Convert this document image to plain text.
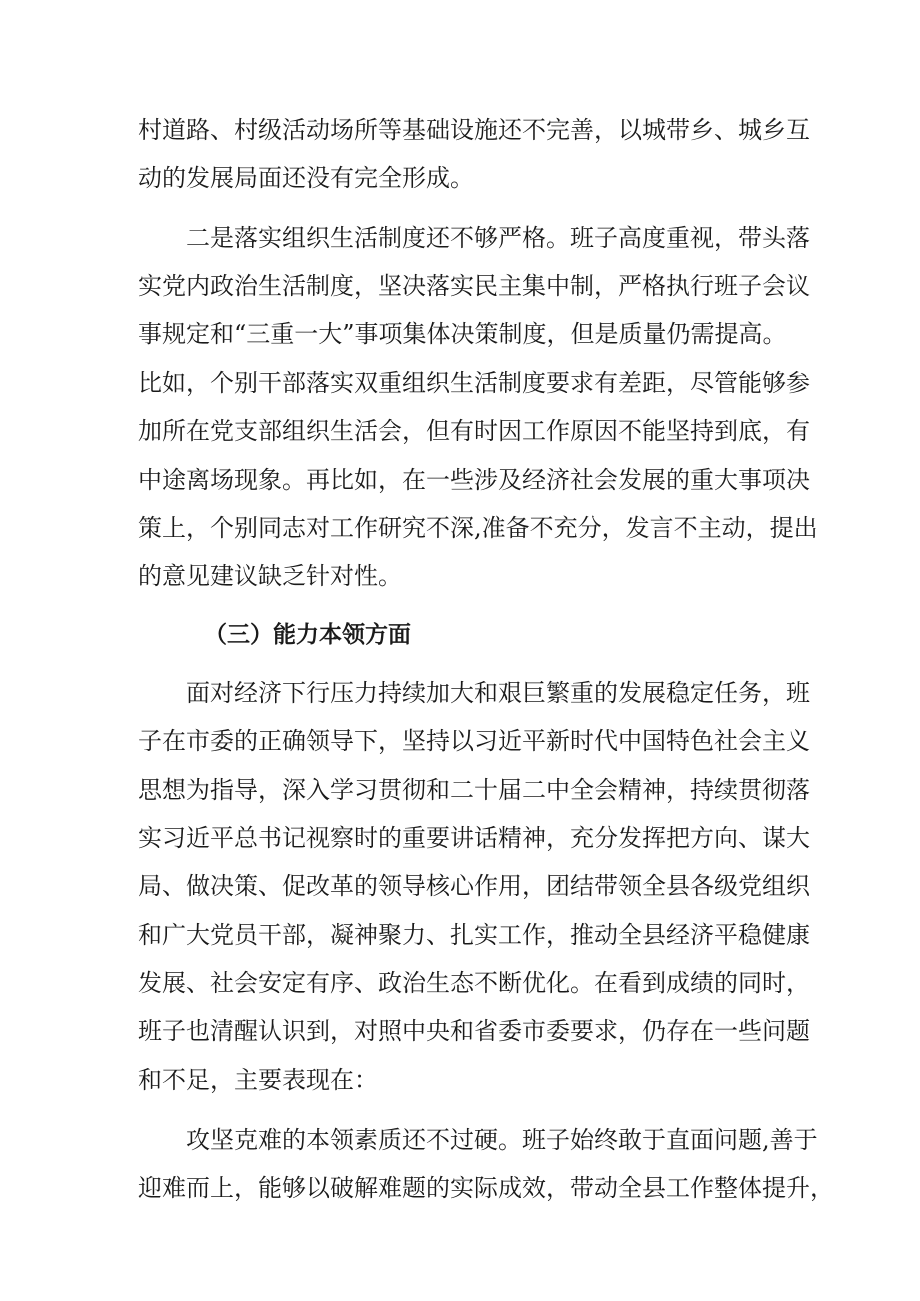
村道路、村级活动场所等基础设施还不完善，以城带乡、城乡互
动的发展局面还没有完全形成。
二是落实组织生活制度还不够严格。班子高度重视，带头落
实党内政治生活制度，坚决落实民主集中制，严格执行班子会议
事规定和“三重一大”事项集体决策制度，但是质量仍需提高。
比如，个别干部落实双重组织生活制度要求有差距，尽管能够参
加所在党支部组织生活会，但有时因工作原因不能坚持到底，有
中途离场现象。再比如，在一些涉及经济社会发展的重大事项决
策上，个别同志对工作研究不深,准备不充分，发言不主动，提出
的意见建议缺乏针对性。
（三）能力本领方面
面对经济下行压力持续加大和艰巨繁重的发展稳定任务，班
子在市委的正确领导下，坚持以习近平新时代中国特色社会主义
思想为指导，深入学习贯彻和二十届二中全会精神，持续贯彻落
实习近平总书记视察时的重要讲话精神，充分发挥把方向、谋大
局、做决策、促改革的领导核心作用，团结带领全县各级党组织
和广大党员干部，凝神聚力、扎实工作，推动全县经济平稳健康
发展、社会安定有序、政治生态不断优化。在看到成绩的同时，
班子也清醒认识到，对照中央和省委市委要求，仍存在一些问题
和不足，主要表现在：
攻坚克难的本领素质还不过硬。班子始终敢于直面问题,善于
迎难而上，能够以破解难题的实际成效，带动全县工作整体提升，
